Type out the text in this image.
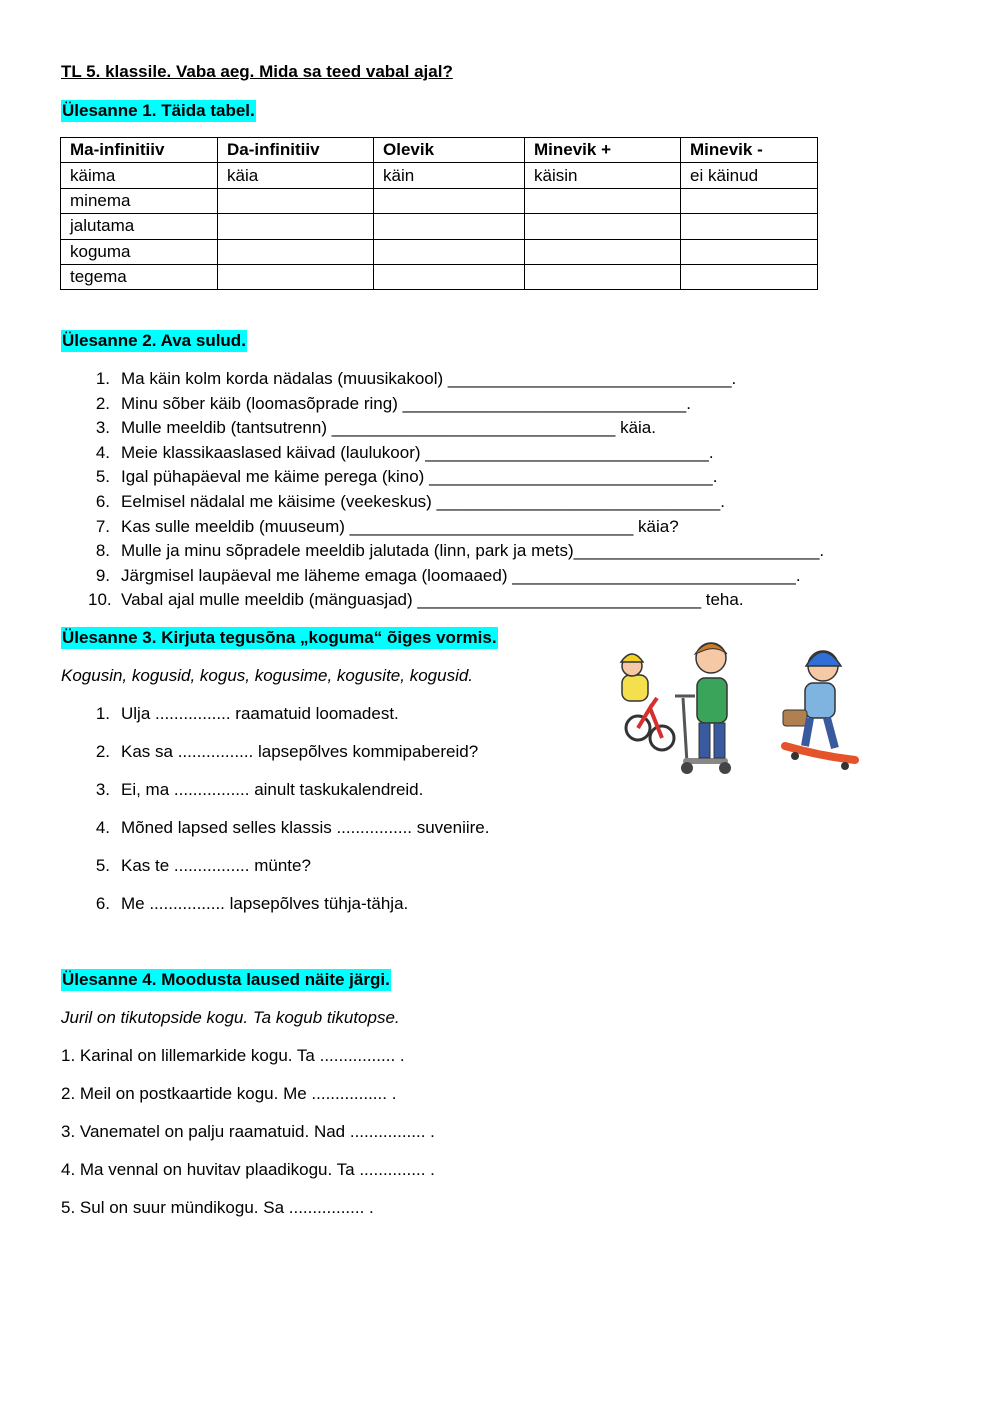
TL 5. klassile. Vaba aeg. Mida sa teed vabal ajal?
Ülesanne 1. Täida tabel.
Ma-infinitiiv	Da-infinitiiv	Olevik	Minevik +	Minevik -
käima	käia	käin	käisin	ei käinud
minema				
jalutama				
koguma				
tegema				
Ülesanne 2. Ava sulud.
1. Ma käin kolm korda nädalas (muusikakool) ______________________________.
2. Minu sõber käib (loomasõprade ring) ______________________________.
3. Mulle meeldib (tantsutrenn) ______________________________ käia.
4. Meie klassikaaslased käivad (laulukoor) ______________________________.
5. Igal pühapäeval me käime perega (kino) ______________________________.
6. Eelmisel nädalal me käisime (veekeskus) ______________________________.
7. Kas sulle meeldib (muuseum) ______________________________ käia?
8. Mulle ja minu sõpradele meeldib jalutada (linn, park ja mets)__________________________.
9. Järgmisel laupäeval me läheme emaga (loomaaed) ______________________________.
10. Vabal ajal mulle meeldib (mänguasjad) ______________________________ teha.
Ülesanne 3. Kirjuta tegusõna „koguma“ õiges vormis.
Kogusin, kogusid, kogus, kogusime, kogusite, kogusid.
1. Ulja ................ raamatuid loomadest.
2. Kas sa ................ lapsepõlves kommipabereid?
3. Ei, ma ................ ainult taskukalendreid.
4. Mõned lapsed selles klassis ................ suveniire.
5. Kas te ................ münte?
6. Me ................ lapsepõlves tühja-tähja.
Ülesanne 4. Moodusta laused näite järgi.
Juril on tikutopside kogu. Ta kogub tikutopse.
1. Karinal on lillemarkide kogu. Ta ................ .
2. Meil on postkaartide kogu. Me ................ .
3. Vanematel on palju raamatuid. Nad ................ .
4. Ma vennal on huvitav plaadikogu. Ta .............. .
5. Sul on suur mündikogu. Sa ................ .
